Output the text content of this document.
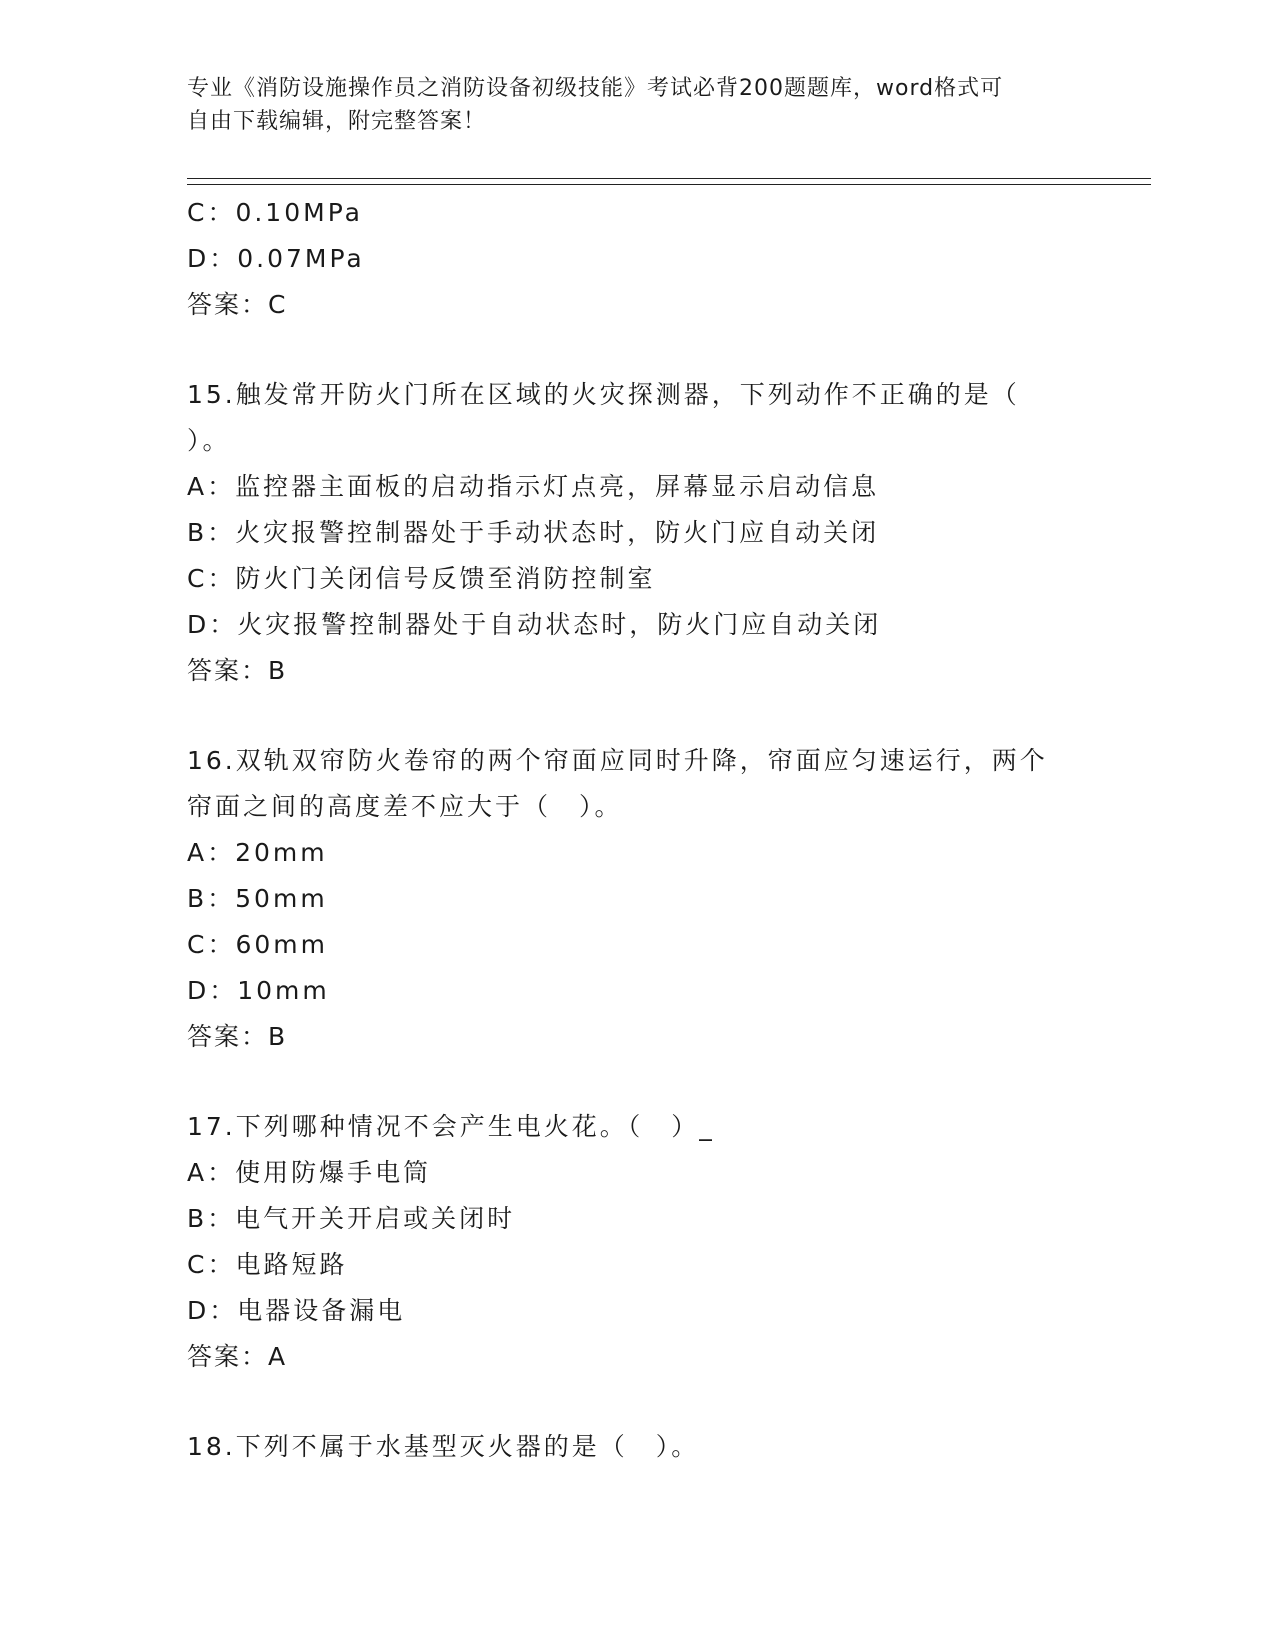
专业《消防设施操作员之消防设备初级技能》考试必背200题题库，word格式可
自由下载编辑，附完整答案！
C：0.10MPa
D：0.07MPa
答案：C
15.触发常开防火门所在区域的火灾探测器，下列动作不正确的是（
）。
A：监控器主面板的启动指示灯点亮，屏幕显示启动信息
B：火灾报警控制器处于手动状态时，防火门应自动关闭
C：防火门关闭信号反馈至消防控制室
D：火灾报警控制器处于自动状态时，防火门应自动关闭
答案：B
16.双轨双帘防火卷帘的两个帘面应同时升降，帘面应匀速运行，两个
帘面之间的高度差不应大于（　）。
A：20mm
B：50mm
C：60mm
D：10mm
答案：B
17.下列哪种情况不会产生电火花。（　）_
A：使用防爆手电筒
B：电气开关开启或关闭时
C：电路短路
D：电器设备漏电
答案：A
18.下列不属于水基型灭火器的是（　）。
